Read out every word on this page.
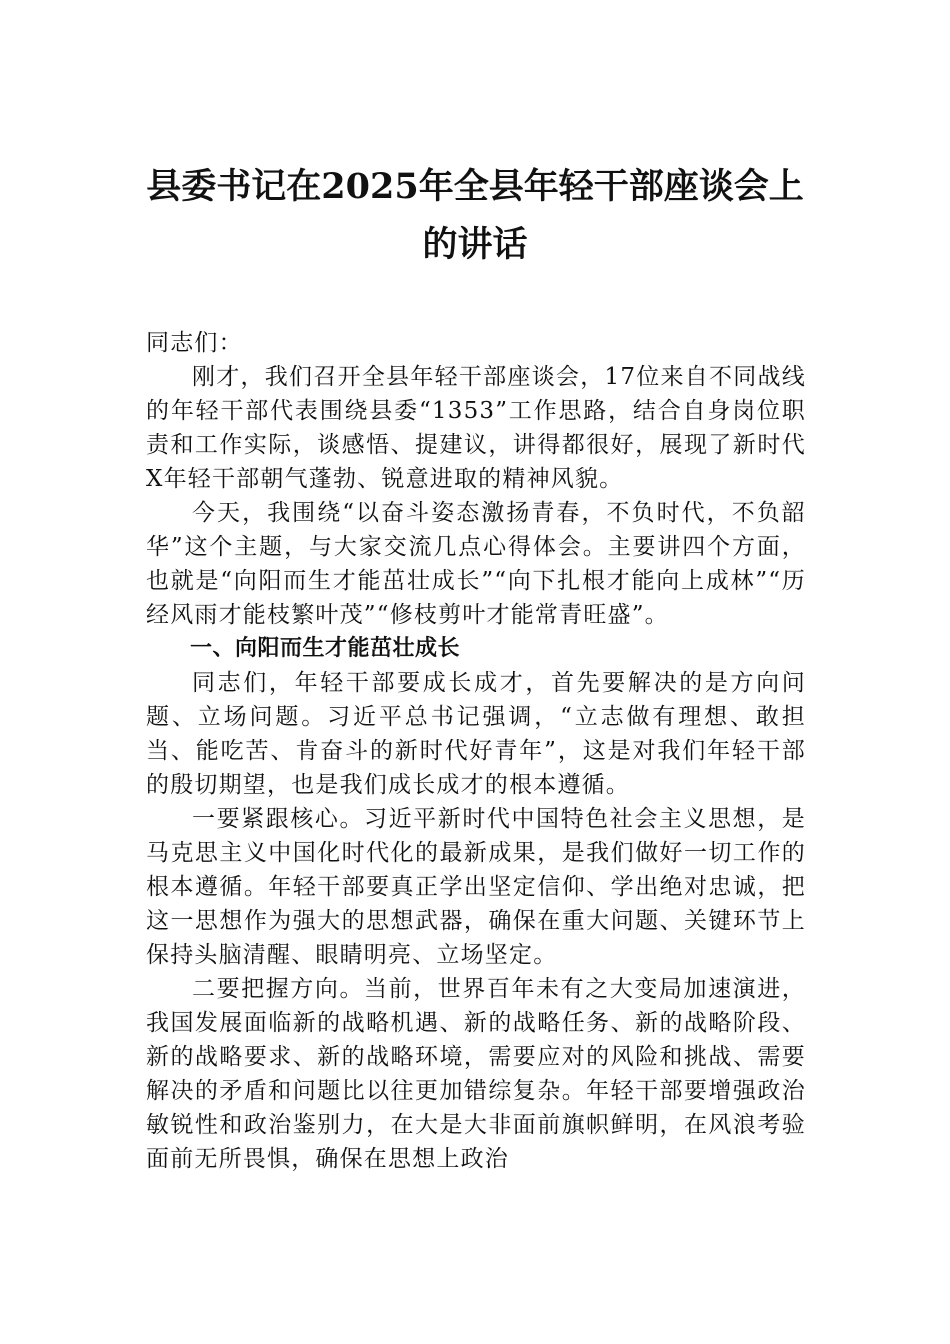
县委书记在2025年全县年轻干部座谈会上
的讲话

同志们：

刚才，我们召开全县年轻干部座谈会，17位来自不同战线的年轻干部代表围绕县委“1353”工作思路，结合自身岗位职责和工作实际，谈感悟、提建议，讲得都很好，展现了新时代X年轻干部朝气蓬勃、锐意进取的精神风貌。

今天，我围绕“以奋斗姿态激扬青春，不负时代，不负韶华”这个主题，与大家交流几点心得体会。主要讲四个方面，也就是“向阳而生才能茁壮成长”“向下扎根才能向上成林”“历经风雨才能枝繁叶茂”“修枝剪叶才能常青旺盛”。

一、向阳而生才能茁壮成长

同志们，年轻干部要成长成才，首先要解决的是方向问题、立场问题。习近平总书记强调，“立志做有理想、敢担当、能吃苦、肯奋斗的新时代好青年”，这是对我们年轻干部的殷切期望，也是我们成长成才的根本遵循。

一要紧跟核心。习近平新时代中国特色社会主义思想，是马克思主义中国化时代化的最新成果，是我们做好一切工作的根本遵循。年轻干部要真正学出坚定信仰、学出绝对忠诚，把这一思想作为强大的思想武器，确保在重大问题、关键环节上保持头脑清醒、眼睛明亮、立场坚定。

二要把握方向。当前，世界百年未有之大变局加速演进，我国发展面临新的战略机遇、新的战略任务、新的战略阶段、新的战略要求、新的战略环境，需要应对的风险和挑战、需要解决的矛盾和问题比以往更加错综复杂。年轻干部要增强政治敏锐性和政治鉴别力，在大是大非面前旗帜鲜明，在风浪考验面前无所畏惧，确保在思想上政治
